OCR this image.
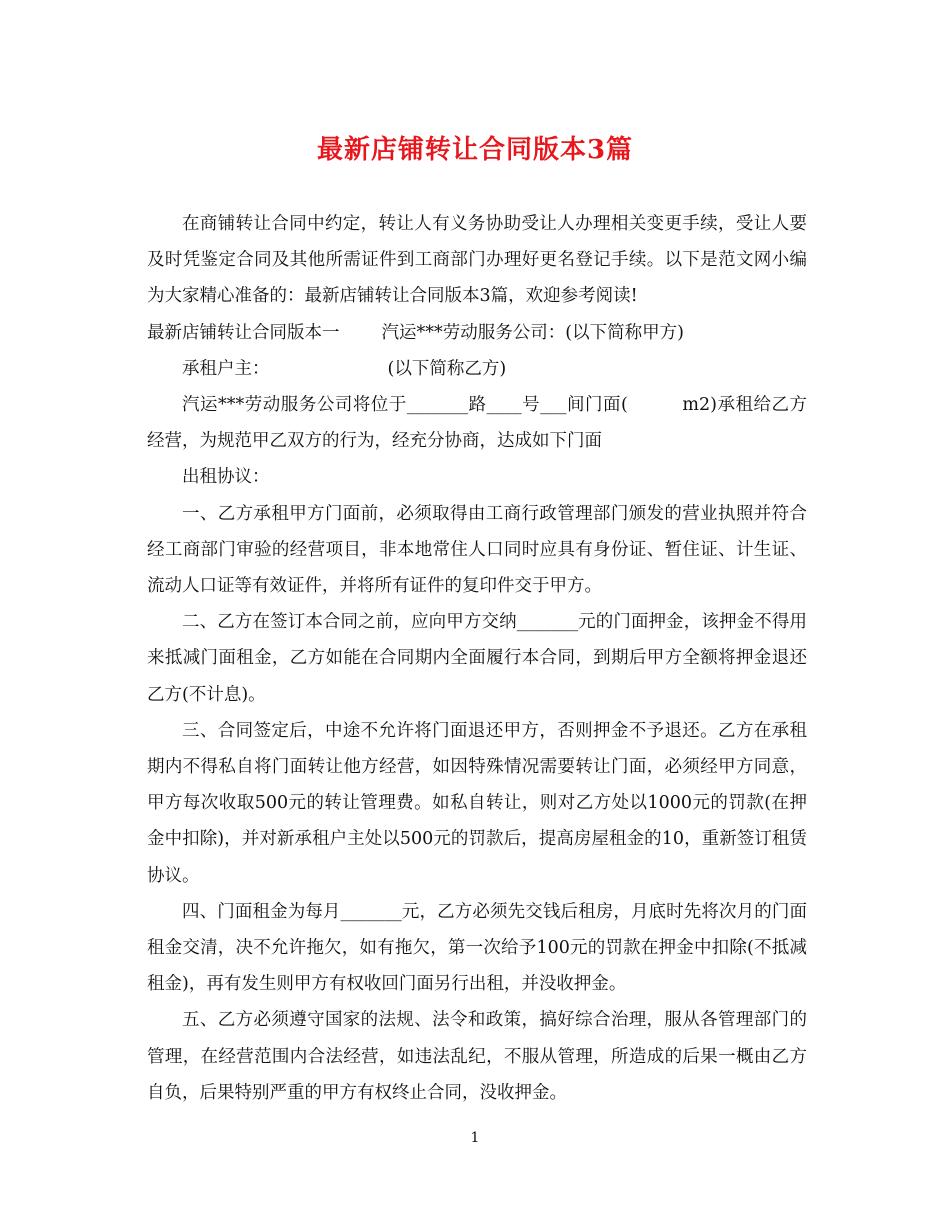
最新店铺转让合同版本3篇

在商铺转让合同中约定，转让人有义务协助受让人办理相关变更手续，受让人要及时凭鉴定合同及其他所需证件到工商部门办理好更名登记手续。以下是范文网小编为大家精心准备的：最新店铺转让合同版本3篇，欢迎参考阅读!

最新店铺转让合同版本一 汽运***劳动服务公司：(以下简称甲方)

承租户主：	(以下简称乙方)

汽运***劳动服务公司将位于_______路____号___间门面(　　　m2)承租给乙方经营，为规范甲乙双方的行为，经充分协商，达成如下门面

出租协议：

一、乙方承租甲方门面前，必须取得由工商行政管理部门颁发的营业执照并符合经工商部门审验的经营项目，非本地常住人口同时应具有身份证、暂住证、计生证、流动人口证等有效证件，并将所有证件的复印件交于甲方。

二、乙方在签订本合同之前，应向甲方交纳_______元的门面押金，该押金不得用来抵减门面租金，乙方如能在合同期内全面履行本合同，到期后甲方全额将押金退还乙方(不计息)。

三、合同签定后，中途不允许将门面退还甲方，否则押金不予退还。乙方在承租期内不得私自将门面转让他方经营，如因特殊情况需要转让门面，必须经甲方同意，甲方每次收取500元的转让管理费。如私自转让，则对乙方处以1000元的罚款(在押金中扣除)，并对新承租户主处以500元的罚款后，提高房屋租金的10，重新签订租赁协议。

四、门面租金为每月_______元，乙方必须先交钱后租房，月底时先将次月的门面租金交清，决不允许拖欠，如有拖欠，第一次给予100元的罚款在押金中扣除(不抵减租金)，再有发生则甲方有权收回门面另行出租，并没收押金。

五、乙方必须遵守国家的法规、法令和政策，搞好综合治理，服从各管理部门的管理，在经营范围内合法经营，如违法乱纪，不服从管理，所造成的后果一概由乙方自负，后果特别严重的甲方有权终止合同，没收押金。

1
